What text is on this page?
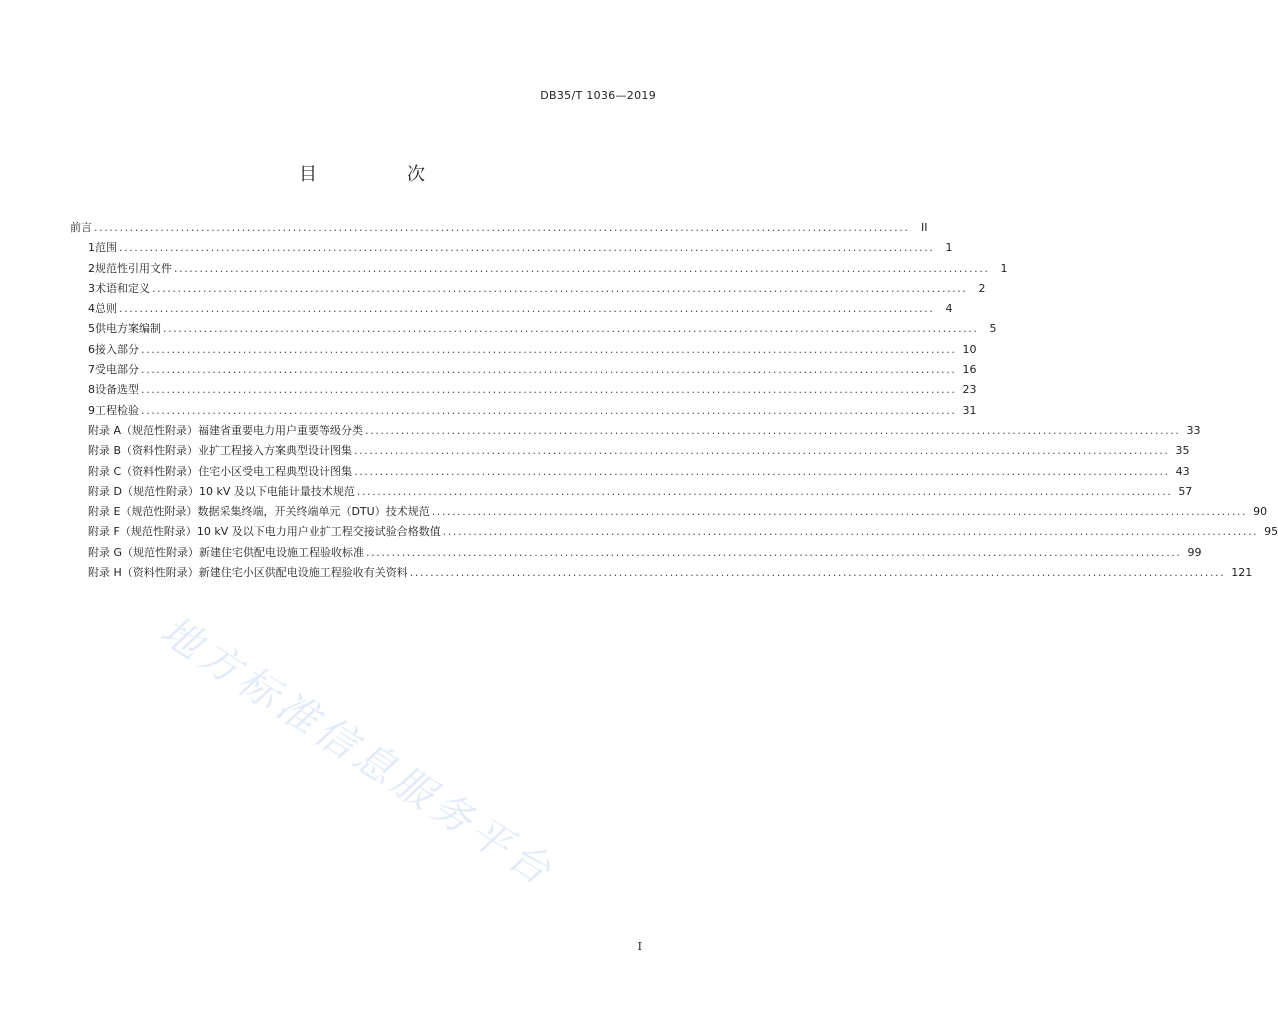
DB35/T 1036—2019
目　次
前言 .....	II
1 范围 .....	1
2 规范性引用文件 .....	1
3 术语和定义 .....	2
4 总则 .....	4
5 供电方案编制 .....	5
6 接入部分 .....	10
7 受电部分 .....	16
8 设备选型 .....	23
9 工程检验 .....	31
附录 A（规范性附录） 福建省重要电力用户重要等级分类 .....	33
附录 B（资料性附录） 业扩工程接入方案典型设计图集 .....	35
附录 C（资料性附录） 住宅小区受电工程典型设计图集 .....	43
附录 D（规范性附录） 10 kV 及以下电能计量技术规范 .....	57
附录 E（规范性附录） 数据采集终端，开关终端单元（DTU）技术规范 .....	90
附录 F（规范性附录） 10 kV 及以下电力用户业扩工程交接试验合格数值 .....	95
附录 G（规范性附录） 新建住宅供配电设施工程验收标准 .....	99
附录 H（资料性附录） 新建住宅小区供配电设施工程验收有关资料 .....	121
地方标准信息服务平台
I
